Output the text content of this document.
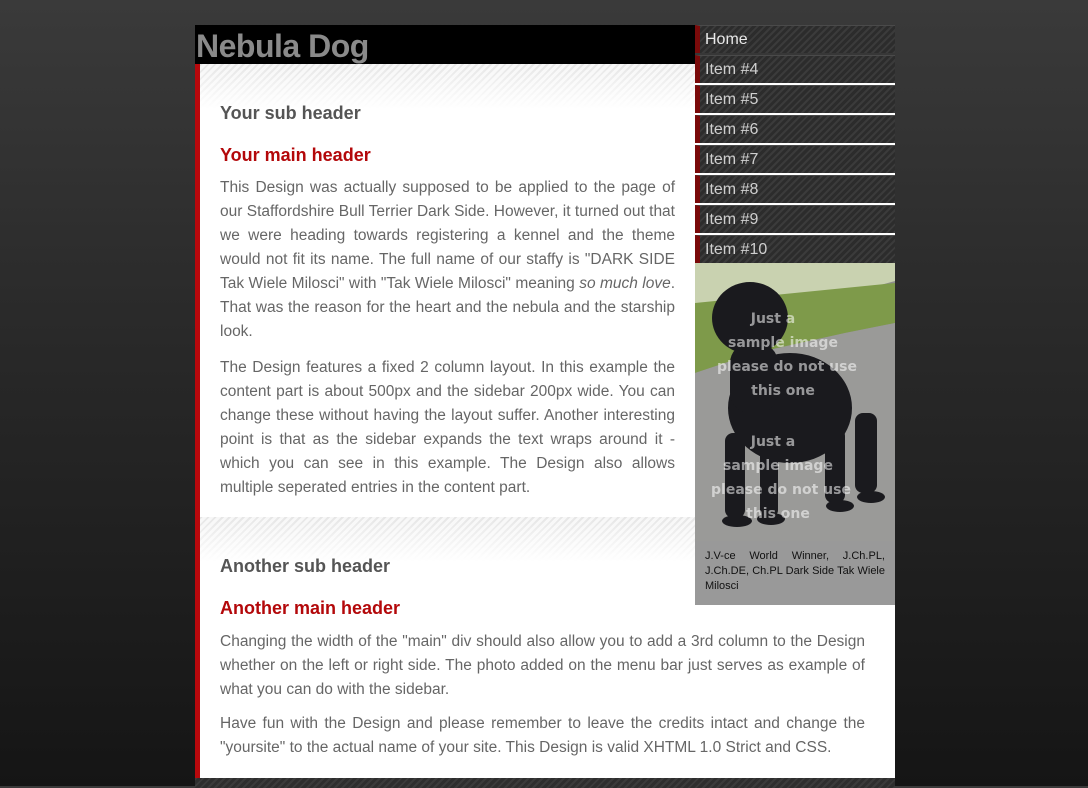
Nebula Dog
Your sub header
Your main header

This Design was actually supposed to be applied to the page of our Staffordshire Bull Terrier Dark Side. However, it turned out that we were heading towards registering a kennel and the theme would not fit its name. The full name of our staffy is "DARK SIDE Tak Wiele Milosci" with "Tak Wiele Milosci" meaning so much love. That was the reason for the heart and the nebula and the starship look.

The Design features a fixed 2 column layout. In this example the content part is about 500px and the sidebar 200px wide. You can change these without having the layout suffer. Another interesting point is that as the sidebar expands the text wraps around it - which you can see in this example. The Design also allows multiple seperated entries in the content part.

Another sub header
Another main header

Changing the width of the "main" div should also allow you to add a 3rd column to the Design whether on the left or right side. The photo added on the menu bar just serves as example of what you can do with the sidebar.

Have fun with the Design and please remember to leave the credits intact and change the "yoursite" to the actual name of your site. This Design is valid XHTML 1.0 Strict and CSS.

Home
Item #4
Item #5
Item #6
Item #7
Item #8
Item #9
Item #10
Just a
sample image
please do not use
this one
Just a
sample image
please do not use
this one

J.V-ce World Winner, J.Ch.PL, J.Ch.DE, Ch.PL Dark Side Tak Wiele Milosci
